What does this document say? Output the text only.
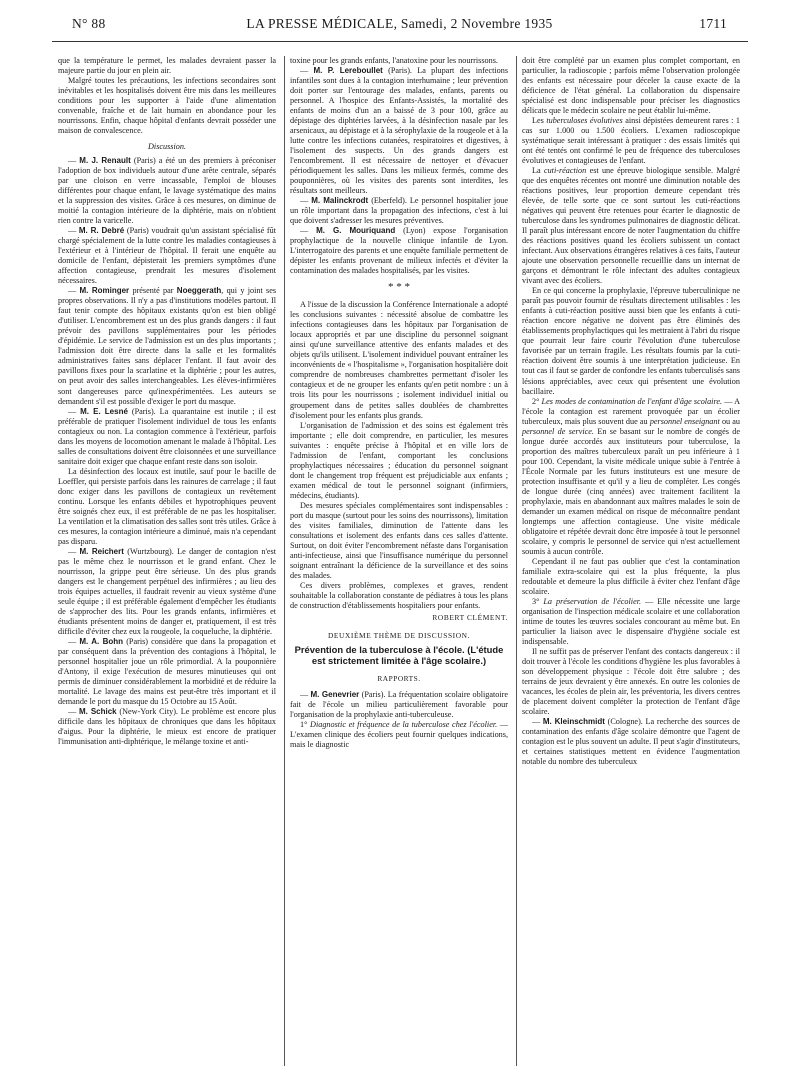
N° 88	LA PRESSE MÉDICALE, Samedi, 2 Novembre 1935	1711

que la température le permet, les malades devraient passer la majeure partie du jour en plein air.

Malgré toutes les précautions, les infections secondaires sont inévitables et les hospitalisés doivent être mis dans les meilleures conditions pour les supporter à l'aide d'une alimentation convenable, fraîche et de lait humain en abondance pour les nourrissons. Enfin, chaque hôpital d'enfants devrait posséder une maison de convalescence.

Discussion.

— M. J. Renault (Paris) a été un des premiers à préconiser l'adoption de box individuels autour d'une arête centrale, séparés par une cloison en verre incassable, l'emploi de blouses différentes pour chaque enfant, le lavage systématique des mains et la suppression des visites. Grâce à ces mesures, on diminue de moitié la contagion intérieure de la diphtérie, mais on n'obtient rien contre la varicelle.

— M. R. Debré (Paris) voudrait qu'un assistant spécialisé fût chargé spécialement de la lutte contre les maladies contagieuses à l'extérieur et à l'intérieur de l'hôpital. Il ferait une enquête au domicile de l'enfant, dépisterait les premiers symptômes d'une affection contagieuse, prendrait les mesures d'isolement nécessaires.

— M. Rominger présenté par Noeggerath, qui y joint ses propres observations. Il n'y a pas d'institutions modèles partout. Il faut tenir compte des hôpitaux existants qu'on est bien obligé d'utiliser. L'encombrement est un des plus grands dangers : il faut prévoir des pavillons supplémentaires pour les périodes d'épidémie. Le service de l'admission est un des plus importants ; l'admission doit être directe dans la salle et les formalités administratives faites sans déplacer l'enfant. Il faut avoir des pavillons fixes pour la scarlatine et la diphtérie ; pour les autres, on peut avoir des salles interchangeables. Les élèves-infirmières sont dangereuses parce qu'inexpérimentées. Les auteurs se demandent s'il est possible d'exiger le port du masque.

— M. E. Lesné (Paris). La quarantaine est inutile ; il est préférable de pratiquer l'isolement individuel de tous les enfants contagieux ou non. La contagion commence à l'extérieur, parfois dans les moyens de locomotion amenant le malade à l'hôpital. Les salles de consultations doivent être cloisonnées et une surveillance sanitaire doit exiger que chaque enfant reste dans son isoloir.

La désinfection des locaux est inutile, sauf pour le bacille de Loeffler, qui persiste parfois dans les rainures de carrelage ; il faut donc exiger dans les pavillons de contagieux un revêtement continu. Lorsque les enfants débiles et hypotrophiques peuvent être soignés chez eux, il est préférable de ne pas les hospitaliser. La ventilation et la climatisation des salles sont très utiles. Grâce à ces mesures, la contagion intérieure a diminué, mais n'a cependant pas disparu.

— M. Reichert (Wurtzbourg). Le danger de contagion n'est pas le même chez le nourrisson et le grand enfant. Chez le nourrisson, la grippe peut être sérieuse. Un des plus grands dangers est le changement perpétuel des infirmières ; au lieu des trois équipes actuelles, il faudrait revenir au vieux système d'une seule équipe ; il est préférable également d'empêcher les étudiants de s'approcher des lits. Pour les grands enfants, infirmières et étudiants présentent moins de danger et, pratiquement, il est très difficile d'éviter chez eux la rougeole, la coqueluche, la diphtérie.

— M. A. Bohn (Paris) considère que dans la propagation et par conséquent dans la prévention des contagions à l'hôpital, le personnel hospitalier joue un rôle primordial. A la pouponnière d'Antony, il exige l'exécution de mesures minutieuses qui ont permis de diminuer considérablement la morbidité et de réduire la mortalité. Le lavage des mains est peut-être très important et il demande le port du masque du 15 Octobre au 15 Août.

— M. Schick (New-York City). Le problème est encore plus difficile dans les hôpitaux de chroniques que dans les hôpitaux d'aigus. Pour la diphtérie, le mieux est encore de pratiquer l'immunisation anti-diphtérique, le mélange toxine et anti-

toxine pour les grands enfants, l'anatoxine pour les nourrissons.

— M. P. Lereboullet (Paris). La plupart des infections infantiles sont dues à la contagion interhumaine ; leur prévention doit porter sur l'entourage des malades, enfants, parents ou personnel. A l'hospice des Enfants-Assistés, la mortalité des enfants de moins d'un an a baissé de 3 pour 100, grâce au dépistage des diphtéries larvées, à la désinfection nasale par les arsenicaux, au dépistage et à la sérophylaxie de la rougeole et à la lutte contre les infections cutanées, respiratoires et digestives, à l'isolement des suspects. Un des grands dangers est l'encombrement. Il est nécessaire de nettoyer et d'évacuer périodiquement les salles. Dans les milieux fermés, comme des pouponnières, où les visites des parents sont interdites, les résultats sont meilleurs.

— M. Malinckrodt (Eberfeld). Le personnel hospitalier joue un rôle important dans la propagation des infections, c'est à lui que doivent s'adresser les mesures préventives.

— M. G. Mouriquand (Lyon) expose l'organisation prophylactique de la nouvelle clinique infantile de Lyon. L'interrogatoire des parents et une enquête familiale permettent de dépister les enfants provenant de milieux infectés et d'éviter la contamination des malades hospitalisés, par les visites.

* * *

A l'issue de la discussion la Conférence Internationale a adopté les conclusions suivantes : nécessité absolue de combattre les infections contagieuses dans les hôpitaux par l'organisation de locaux appropriés et par une discipline du personnel soignant ainsi qu'une surveillance attentive des enfants malades et des objets qu'ils utilisent. L'isolement individuel pouvant entraîner les inconvénients de « l'hospitalisme », l'organisation hospitalière doit comprendre de nombreuses chambrettes permettant d'isoler les contagieux et de ne grouper les enfants qu'en petit nombre : un à trois lits pour les nourrissons ; isolement individuel initial ou groupement dans de petites salles doublées de chambrettes d'isolement pour les enfants plus grands.

L'organisation de l'admission et des soins est également très importante ; elle doit comprendre, en particulier, les mesures suivantes : enquête précise à l'hôpital et en ville lors de l'admission de l'enfant, comportant les conclusions prophylactiques nécessaires ; éducation du personnel soignant dont le changement trop fréquent est préjudiciable aux enfants ; examen médical de tout le personnel soignant (infirmiers, médecins, étudiants).

Des mesures spéciales complémentaires sont indispensables : port du masque (surtout pour les soins des nourrissons), limitation des visites familiales, diminution de l'attente dans les consultations et isolement des enfants dans ces salles d'attente. Surtout, on doit éviter l'encombrement néfaste dans l'organisation anti-infectieuse, ainsi que l'insuffisance numérique du personnel soignant entraînant la déficience de la surveillance et des soins des malades.

Ces divers problèmes, complexes et graves, rendent souhaitable la collaboration constante de pédiatres à tous les plans de construction d'établissements hospitaliers pour enfants.

ROBERT CLÉMENT.

DEUXIÈME THÈME DE DISCUSSION.
Prévention de la tuberculose à l'école. (L'étude est strictement limitée à l'âge scolaire.)
RAPPORTS.

— M. Genevrier (Paris). La fréquentation scolaire obligatoire fait de l'école un milieu particulièrement favorable pour l'organisation de la prophylaxie anti-tuberculeuse.

1° Diagnostic et fréquence de la tuberculose chez l'écolier. — L'examen clinique des écoliers peut fournir quelques indications, mais le diagnostic

doit être complété par un examen plus complet comportant, en particulier, la radioscopie ; parfois même l'observation prolongée des enfants est nécessaire pour déceler la cause exacte de la déficience de l'état général. La collaboration du dispensaire spécialisé est donc indispensable pour préciser les diagnostics délicats que le médecin scolaire ne peut établir lui-même.

Les tuberculoses évolutives ainsi dépistées demeurent rares : 1 cas sur 1.000 ou 1.500 écoliers. L'examen radioscopique systématique serait intéressant à pratiquer : des essais limités qui ont été tentés ont confirmé le peu de fréquence des tuberculoses évolutives et contagieuses de l'enfant.

La cuti-réaction est une épreuve biologique sensible. Malgré que des enquêtes récentes ont montré une diminution notable des réactions positives, leur proportion demeure cependant très élevée, de telle sorte que ce sont surtout les cuti-réactions négatives qui peuvent être retenues pour écarter le diagnostic de tuberculose dans les syndromes pulmonaires de diagnostic délicat. Il paraît plus intéressant encore de noter l'augmentation du chiffre des réactions positives quand les écoliers subissent un contact infectant. Aux observations étrangères relatives à ces faits, l'auteur ajoute une observation personnelle recueillie dans un internat de garçons et démontrant le rôle infectant des adultes contagieux vivant avec des écoliers.

En ce qui concerne la prophylaxie, l'épreuve tuberculinique ne paraît pas pouvoir fournir de résultats directement utilisables : les enfants à cuti-réaction positive aussi bien que les enfants à cuti-réaction encore négative ne doivent pas être éliminés des établissements prophylactiques qui les mettraient à l'abri du risque que pourrait leur faire courir l'évolution d'une tuberculose favorisée par un terrain fragile. Les résultats fournis par la cuti-réaction doivent être soumis à une interprétation judicieuse. En tout cas il faut se garder de confondre les enfants tuberculisés sans lésions appréciables, avec ceux qui présentent une évolution bacillaire.

2° Les modes de contamination de l'enfant d'âge scolaire. — A l'école la contagion est rarement provoquée par un écolier tuberculeux, mais plus souvent due au personnel enseignant ou au personnel de service. En se basant sur le nombre de congés de longue durée accordés aux instituteurs pour tuberculose, la proportion des maîtres tuberculeux paraît un peu inférieure à 1 pour 100. Cependant, la visite médicale unique subie à l'entrée à l'École Normale par les futurs instituteurs est une mesure de protection insuffisante et qu'il y a lieu de compléter. Les congés de longue durée (cinq années) avec traitement facilitent la prophylaxie, mais en abandonnant aux maîtres malades le soin de demander un examen médical on risque de méconnaître pendant longtemps une affection contagieuse. Une visite médicale obligatoire et répétée devrait donc être imposée à tout le personnel scolaire, y compris le personnel de service qui n'est actuellement soumis à aucun contrôle.

Cependant il ne faut pas oublier que c'est la contamination familiale extra-scolaire qui est la plus fréquente, la plus redoutable et demeure la plus difficile à éviter chez l'enfant d'âge scolaire.

3° La préservation de l'écolier. — Elle nécessite une large organisation de l'inspection médicale scolaire et une collaboration intime de toutes les œuvres sociales concourant au même but. En particulier la liaison avec le dispensaire d'hygiène sociale est indispensable.

Il ne suffit pas de préserver l'enfant des contacts dangereux : il doit trouver à l'école les conditions d'hygiène les plus favorables à son développement physique : l'école doit être salubre ; des terrains de jeux devraient y être annexés. En outre les colonies de vacances, les écoles de plein air, les préventoria, les divers centres de placement doivent compléter la protection de l'enfant d'âge scolaire.

— M. Kleinschmidt (Cologne). La recherche des sources de contamination des enfants d'âge scolaire démontre que l'agent de contagion est le plus souvent un adulte. Il peut s'agir d'instituteurs, et certaines statistiques mettent en évidence l'augmentation notable du nombre des tuberculeux
